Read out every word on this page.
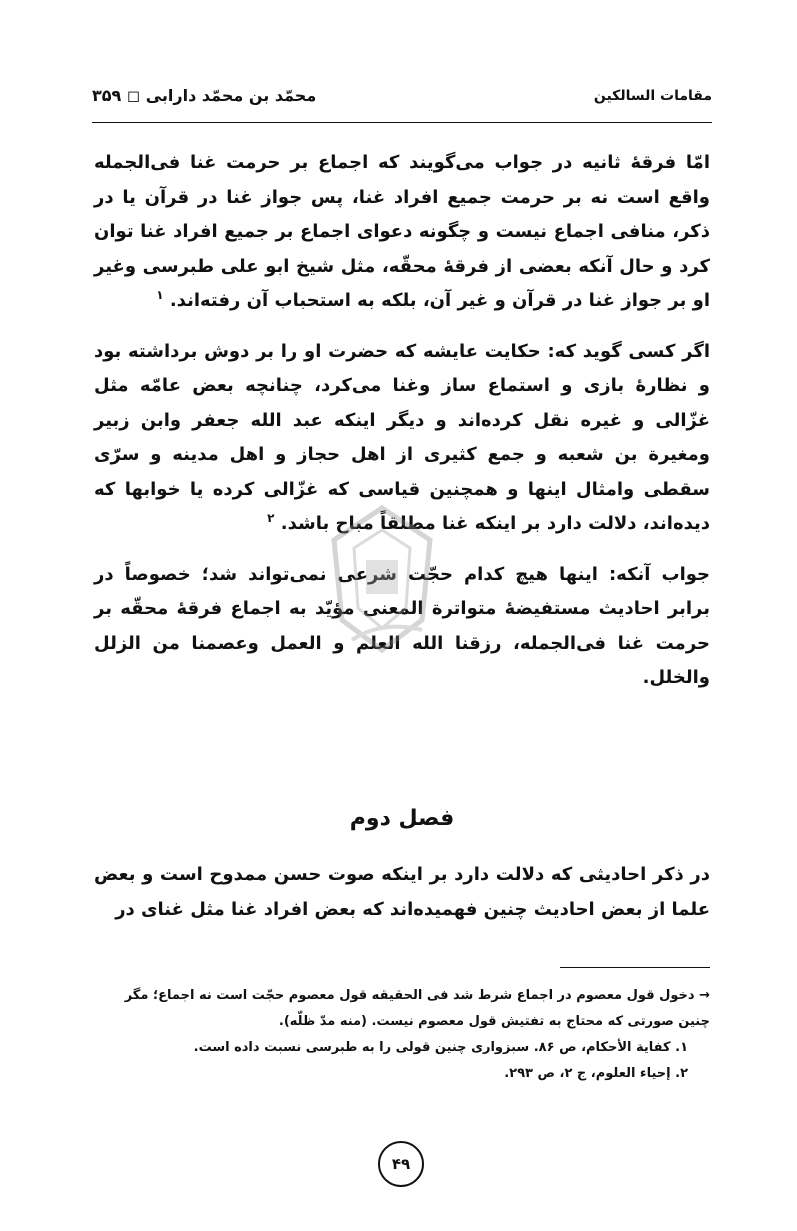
مقامات السالکین
محمّد بن محمّد دارابی ◻ ۳۵۹

امّا فرقۀ ثانیه در جواب می‌گویند که اجماع بر حرمت غنا فی‌الجمله واقع است نه بر حرمت جمیع افراد غنا، پس جواز غنا در قرآن یا در ذکر، منافی اجماع نیست و چگونه دعوای اجماع بر جمیع افراد غنا توان کرد و حال آنکه بعضی از فرقۀ محقّه، مثل شیخ ابو علی طبرسی وغیر او بر جواز غنا در قرآن و غیر آن، بلکه به استحباب آن رفته‌اند. $^۱$

اگر کسی گوید که: حکایت عایشه که حضرت او را بر دوش برداشته بود و نظارۀ بازی و استماع ساز وغنا می‌کرد، چنانچه بعض عامّه مثل غزّالی و غیره نقل کرده‌اند و دیگر اینکه عبد الله جعفر وابن زبیر ومغیرة بن شعبه و جمع کثیری از اهل حجاز و اهل مدینه و سرّی سقطی وامثال اینها و همچنین قیاسی که غزّالی کرده یا خوابها که دیده‌اند، دلالت دارد بر اینکه غنا مطلقاً مباح باشد. $^۲$

جواب آنکه: اینها هیچ کدام حجّت شرعی نمی‌تواند شد؛ خصوصاً در برابر احادیث مستفیضۀ متواترة المعنی مؤیّد به اجماع فرقۀ محقّه بر حرمت غنا فی‌الجمله، رزقنا الله العلم و العمل وعصمنا من الزلل والخلل.

فصل دوم

در ذکر احادیثی که دلالت دارد بر اینکه صوت حسن ممدوح است و بعض علما از بعض احادیث چنین فهمیده‌اند که بعض افراد غنا مثل غنای در

→ دخول قول معصوم در اجماع شرط شد فی الحقیقه قول معصوم حجّت است نه اجماع؛ مگر چنین صورتی که محتاج به تفتیش قول معصوم نیست. (منه مدّ ظلّه).

۱. کفایة الأحکام، ص ۸۶. سبزواری چنین قولی را به طبرسی نسبت داده است.

۲. إحیاء العلوم، ج ۲، ص ۲۹۳.

۴۹
